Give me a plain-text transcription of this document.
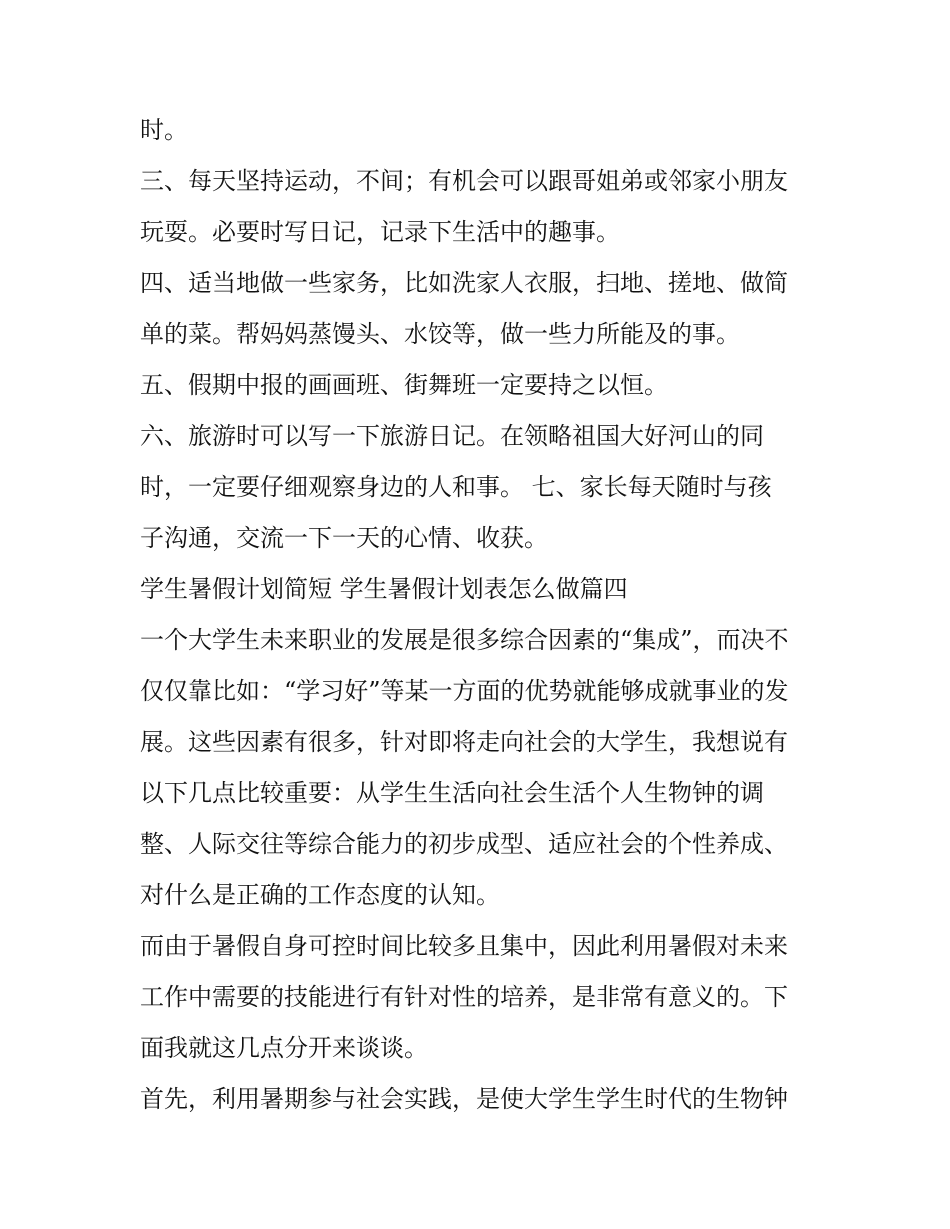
时。
三、每天坚持运动，不间；有机会可以跟哥姐弟或邻家小朋友
玩耍。必要时写日记，记录下生活中的趣事。
四、适当地做一些家务，比如洗家人衣服，扫地、搓地、做简
单的菜。帮妈妈蒸馒头、水饺等，做一些力所能及的事。
五、假期中报的画画班、街舞班一定要持之以恒。
六、旅游时可以写一下旅游日记。在领略祖国大好河山的同
时，一定要仔细观察身边的人和事。 七、家长每天随时与孩
子沟通，交流一下一天的心情、收获。
学生暑假计划简短 学生暑假计划表怎么做篇四
一个大学生未来职业的发展是很多综合因素的“集成”，而决不
仅仅靠比如：“学习好”等某一方面的优势就能够成就事业的发
展。这些因素有很多，针对即将走向社会的大学生，我想说有
以下几点比较重要：从学生生活向社会生活个人生物钟的调
整、人际交往等综合能力的初步成型、适应社会的个性养成、
对什么是正确的工作态度的认知。
而由于暑假自身可控时间比较多且集中，因此利用暑假对未来
工作中需要的技能进行有针对性的培养，是非常有意义的。下
面我就这几点分开来谈谈。
首先，利用暑期参与社会实践，是使大学生学生时代的生物钟
